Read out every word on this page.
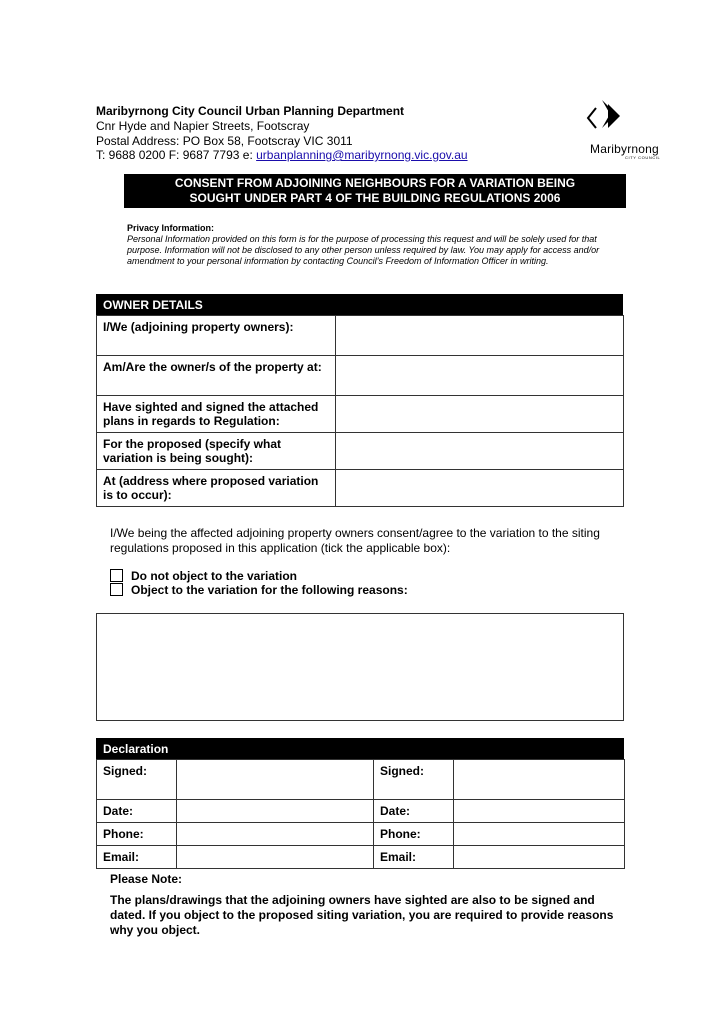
Maribyrnong City Council Urban Planning Department
Cnr Hyde and Napier Streets, Footscray
Postal Address: PO Box 58, Footscray VIC 3011
T: 9688 0200 F: 9687 7793 e: urbanplanning@maribyrnong.vic.gov.au	Maribyrnong
CITY COUNCIL
CONSENT FROM ADJOINING NEIGHBOURS FOR A VARIATION BEING
SOUGHT UNDER PART 4 OF THE BUILDING REGULATIONS 2006
Privacy Information:
Personal Information provided on this form is for the purpose of processing this request and will be solely used for that purpose. Information will not be disclosed to any other person unless required by law. You may apply for access and/or amendment to your personal information by contacting Council’s Freedom of Information Officer in writing.
OWNER DETAILS
I/We (adjoining property owners):	
Am/Are the owner/s of the property at:	
Have sighted and signed the attached plans in regards to Regulation:	
For the proposed (specify what variation is being sought):	
At (address where proposed variation is to occur):	
I/We being the affected adjoining property owners consent/agree to the variation to the siting regulations proposed in this application (tick the applicable box):
Do not object to the variation
Object to the variation for the following reasons:
Declaration
Signed:		Signed:	
Date:		Date:	
Phone:		Phone:	
Email:		Email:	
Please Note:
The plans/drawings that the adjoining owners have sighted are also to be signed and dated. If you object to the proposed siting variation, you are required to provide reasons why you object.
